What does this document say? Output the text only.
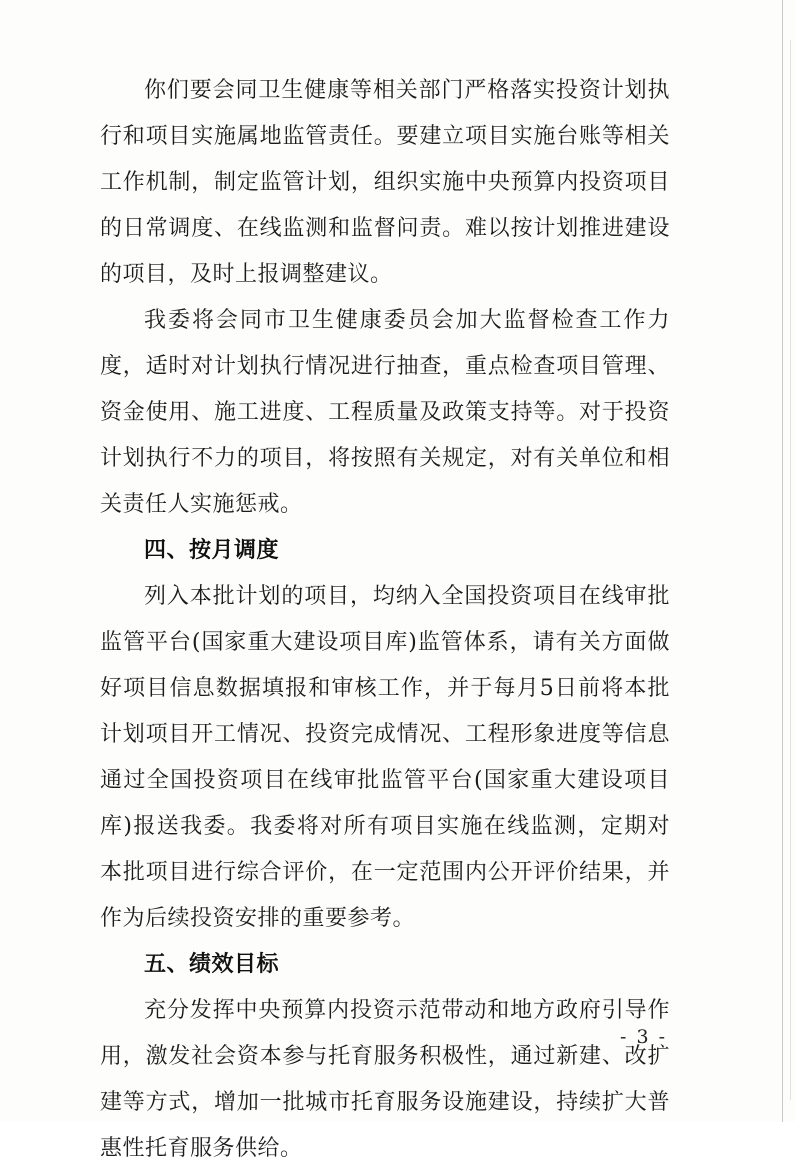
你们要会同卫生健康等相关部门严格落实投资计划执行和项目实施属地监管责任。要建立项目实施台账等相关工作机制，制定监管计划，组织实施中央预算内投资项目的日常调度、在线监测和监督问责。难以按计划推进建设的项目，及时上报调整建议。

我委将会同市卫生健康委员会加大监督检查工作力度，适时对计划执行情况进行抽查，重点检查项目管理、资金使用、施工进度、工程质量及政策支持等。对于投资计划执行不力的项目，将按照有关规定，对有关单位和相关责任人实施惩戒。

四、按月调度

列入本批计划的项目，均纳入全国投资项目在线审批监管平台(国家重大建设项目库)监管体系，请有关方面做好项目信息数据填报和审核工作，并于每月5日前将本批计划项目开工情况、投资完成情况、工程形象进度等信息通过全国投资项目在线审批监管平台(国家重大建设项目库)报送我委。我委将对所有项目实施在线监测，定期对本批项目进行综合评价，在一定范围内公开评价结果，并作为后续投资安排的重要参考。

五、绩效目标

充分发挥中央预算内投资示范带动和地方政府引导作用，激发社会资本参与托育服务积极性，通过新建、改扩建等方式，增加一批城市托育服务设施建设，持续扩大普惠性托育服务供给。

- 3 -
